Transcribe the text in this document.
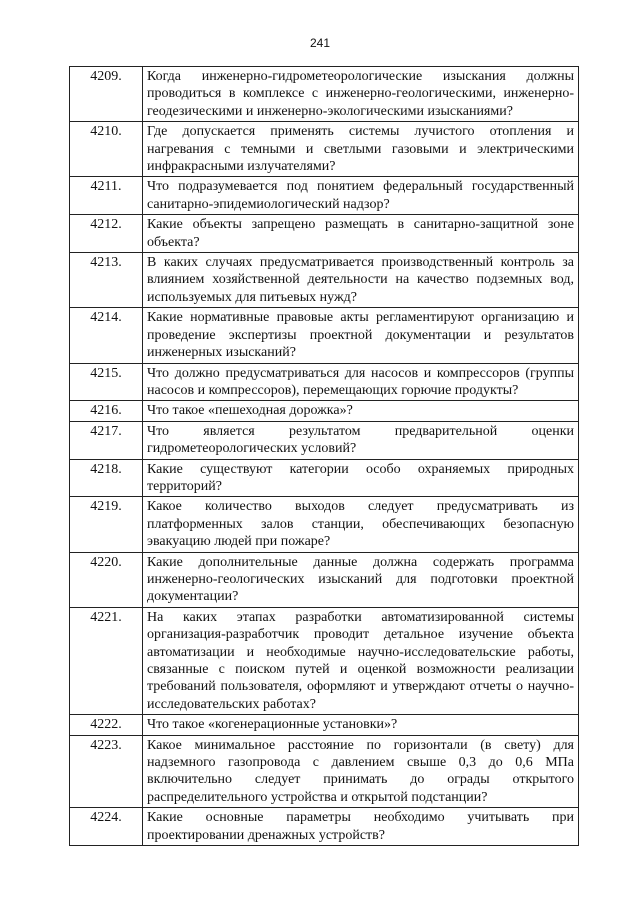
241
4209.	Когда инженерно-гидрометеорологические изыскания должны проводиться в комплексе с инженерно-геологическими, инженерно-геодезическими и инженерно-экологическими изысканиями?
4210.	Где допускается применять системы лучистого отопления и нагревания с темными и светлыми газовыми и электрическими инфракрасными излучателями?
4211.	Что подразумевается под понятием федеральный государственный санитарно-эпидемиологический надзор?
4212.	Какие объекты запрещено размещать в санитарно-защитной зоне объекта?
4213.	В каких случаях предусматривается производственный контроль за влиянием хозяйственной деятельности на качество подземных вод, используемых для питьевых нужд?
4214.	Какие нормативные правовые акты регламентируют организацию и проведение экспертизы проектной документации и результатов инженерных изысканий?
4215.	Что должно предусматриваться для насосов и компрессоров (группы насосов и компрессоров), перемещающих горючие продукты?
4216.	Что такое «пешеходная дорожка»?
4217.	Что является результатом предварительной оценки гидрометеорологических условий?
4218.	Какие существуют категории особо охраняемых природных территорий?
4219.	Какое количество выходов следует предусматривать из платформенных залов станции, обеспечивающих безопасную эвакуацию людей при пожаре?
4220.	Какие дополнительные данные должна содержать программа инженерно-геологических изысканий для подготовки проектной документации?
4221.	На каких этапах разработки автоматизированной системы организация-разработчик проводит детальное изучение объекта автоматизации и необходимые научно-исследовательские работы, связанные с поиском путей и оценкой возможности реализации требований пользователя, оформляют и утверждают отчеты о научно-исследовательских работах?
4222.	Что такое «когенерационные установки»?
4223.	Какое минимальное расстояние по горизонтали (в свету) для надземного газопровода с давлением свыше 0,3 до 0,6 МПа включительно следует принимать до ограды открытого распределительного устройства и открытой подстанции?
4224.	Какие основные параметры необходимо учитывать при проектировании дренажных устройств?
